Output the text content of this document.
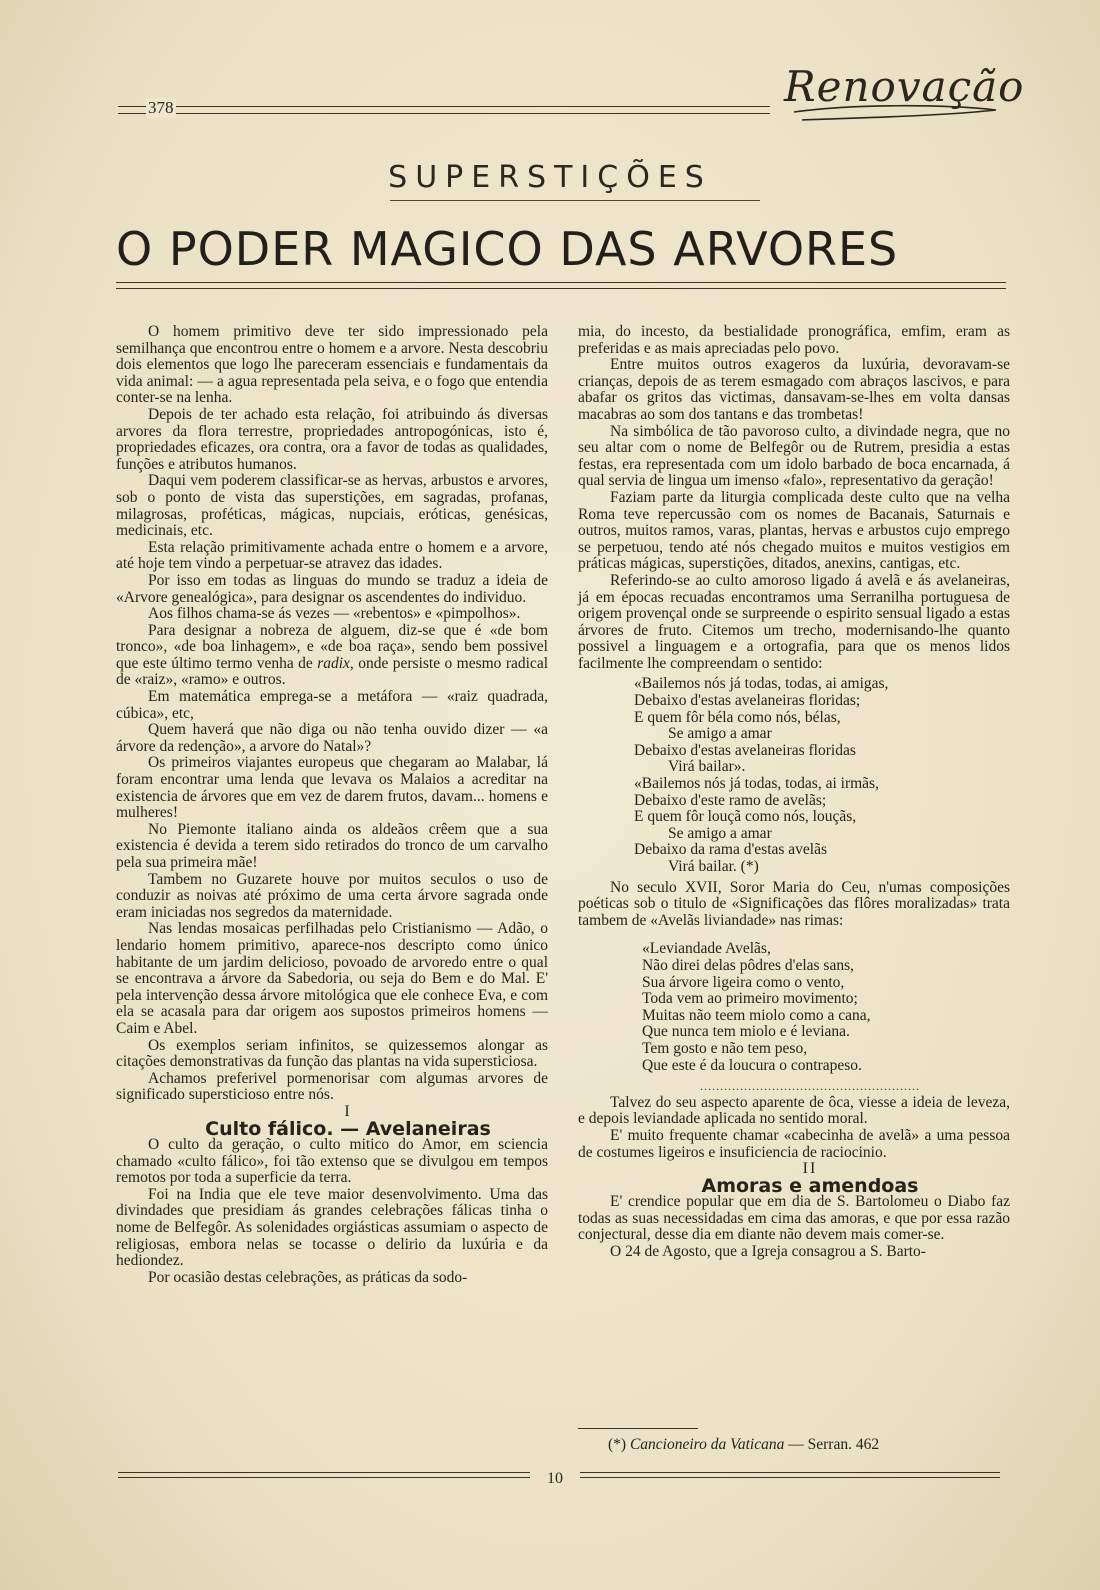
378	Renovação
SUPERSTIÇÕES
O PODER MAGICO DAS ARVORES

O homem primitivo deve ter sido impressionado pela semilhança que encontrou entre o homem e a arvore. Nesta descobriu dois elementos que logo lhe pareceram essenciais e fundamentais da vida animal: — a agua representada pela seiva, e o fogo que entendia conter-se na lenha.

Depois de ter achado esta relação, foi atribuindo ás diversas arvores da flora terrestre, propriedades antropogónicas, isto é, propriedades eficazes, ora contra, ora a favor de todas as qualidades, funções e atributos humanos.

Daqui vem poderem classificar-se as hervas, arbustos e arvores, sob o ponto de vista das superstições, em sagradas, profanas, milagrosas, proféticas, mágicas, nupciais, eróticas, genésicas, medicinais, etc.

Esta relação primitivamente achada entre o homem e a arvore, até hoje tem vindo a perpetuar-se atravez das idades.

Por isso em todas as linguas do mundo se traduz a ideia de «Arvore genealógica», para designar os ascendentes do individuo.

Aos filhos chama-se ás vezes — «rebentos» e «pimpolhos».

Para designar a nobreza de alguem, diz-se que é «de bom tronco», «de boa linhagem», e «de boa raça», sendo bem possivel que este último termo venha de radix, onde persiste o mesmo radical de «raiz», «ramo» e outros.

Em matemática emprega-se a metáfora — «raiz quadrada, cúbica», etc,

Quem haverá que não diga ou não tenha ouvido dizer — «a árvore da redenção», a arvore do Natal»?

Os primeiros viajantes europeus que chegaram ao Malabar, lá foram encontrar uma lenda que levava os Malaios a acreditar na existencia de árvores que em vez de darem frutos, davam... homens e mulheres!

No Piemonte italiano ainda os aldeãos crêem que a sua existencia é devida a terem sido retirados do tronco de um carvalho pela sua primeira mãe!

Tambem no Guzarete houve por muitos seculos o uso de conduzir as noivas até próximo de uma certa árvore sagrada onde eram iniciadas nos segredos da maternidade.

Nas lendas mosaicas perfilhadas pelo Cristianismo — Adão, o lendario homem primitivo, aparece-nos descripto como único habitante de um jardim delicioso, povoado de arvoredo entre o qual se encontrava a árvore da Sabedoria, ou seja do Bem e do Mal. E' pela intervenção dessa árvore mitológica que ele conhece Eva, e com ela se acasala para dar origem aos supostos primeiros homens — Caim e Abel.

Os exemplos seriam infinitos, se quizessemos alongar as citações demonstrativas da função das plantas na vida supersticiosa.

Achamos preferivel pormenorisar com algumas arvores de significado supersticioso entre nós.

I

Culto fálico. — Avelaneiras

O culto da geração, o culto mitico do Amor, em sciencia chamado «culto fálico», foi tão extenso que se divulgou em tempos remotos por toda a superficie da terra.

Foi na India que ele teve maior desenvolvimento. Uma das divindades que presidiam ás grandes celebrações fálicas tinha o nome de Belfegôr. As solenidades orgiásticas assumiam o aspecto de religiosas, embora nelas se tocasse o delirio da luxúria e da hediondez.

Por ocasião destas celebrações, as práticas da sodo-

mia, do incesto, da bestialidade pronográfica, emfim, eram as preferidas e as mais apreciadas pelo povo.

Entre muitos outros exageros da luxúria, devoravam-se crianças, depois de as terem esmagado com abraços lascivos, e para abafar os gritos das victimas, dansavam-se-lhes em volta dansas macabras ao som dos tantans e das trombetas!

Na simbólica de tão pavoroso culto, a divindade negra, que no seu altar com o nome de Belfegôr ou de Rutrem, presidia a estas festas, era representada com um idolo barbado de boca encarnada, á qual servia de lingua um imenso «falo», representativo da geração!

Faziam parte da liturgia complicada deste culto que na velha Roma teve repercussão com os nomes de Bacanais, Saturnais e outros, muitos ramos, varas, plantas, hervas e arbustos cujo emprego se perpetuou, tendo até nós chegado muitos e muitos vestigios em práticas mágicas, superstições, ditados, anexins, cantigas, etc.

Referindo-se ao culto amoroso ligado á avelã e ás avelaneiras, já em épocas recuadas encontramos uma Serranilha portuguesa de origem provençal onde se surpreende o espirito sensual ligado a estas árvores de fruto. Citemos um trecho, modernisando-lhe quanto possivel a linguagem e a ortografia, para que os menos lidos facilmente lhe compreendam o sentido:

«Bailemos nós já todas, todas, ai amigas,
Debaixo d'estas avelaneiras floridas;
E quem fôr béla como nós, bélas,
Se amigo a amar
Debaixo d'estas avelaneiras floridas
Virá bailar».
«Bailemos nós já todas, todas, ai irmãs,
Debaixo d'este ramo de avelãs;
E quem fôr louçã como nós, louçãs,
Se amigo a amar
Debaixo da rama d'estas avelãs
Virá bailar. (*)

No seculo XVII, Soror Maria do Ceu, n'umas composições poéticas sob o titulo de «Significações das flôres moralizadas» trata tambem de «Avelãs liviandade» nas rimas:

«Leviandade Avelãs,
Não direi delas pôdres d'elas sans,
Sua árvore ligeira como o vento,
Toda vem ao primeiro movimento;
Muitas não teem miolo como a cana,
Que nunca tem miolo e é leviana.
Tem gosto e não tem peso,
Que este é da loucura o contrapeso.

.......................................................

Talvez do seu aspecto aparente de ôca, viesse a ideia de leveza, e depois leviandade aplicada no sentido moral.

E' muito frequente chamar «cabecinha de avelã» a uma pessoa de costumes ligeiros e insuficiencia de raciocinio.

II

Amoras e amendoas

E' crendice popular que em dia de S. Bartolomeu o Diabo faz todas as suas necessidadas em cima das amoras, e que por essa razão conjectural, desse dia em diante não devem mais comer-se.

O 24 de Agosto, que a Igreja consagrou a S. Barto-

(*) Cancioneiro da Vaticana — Serran. 462
10
